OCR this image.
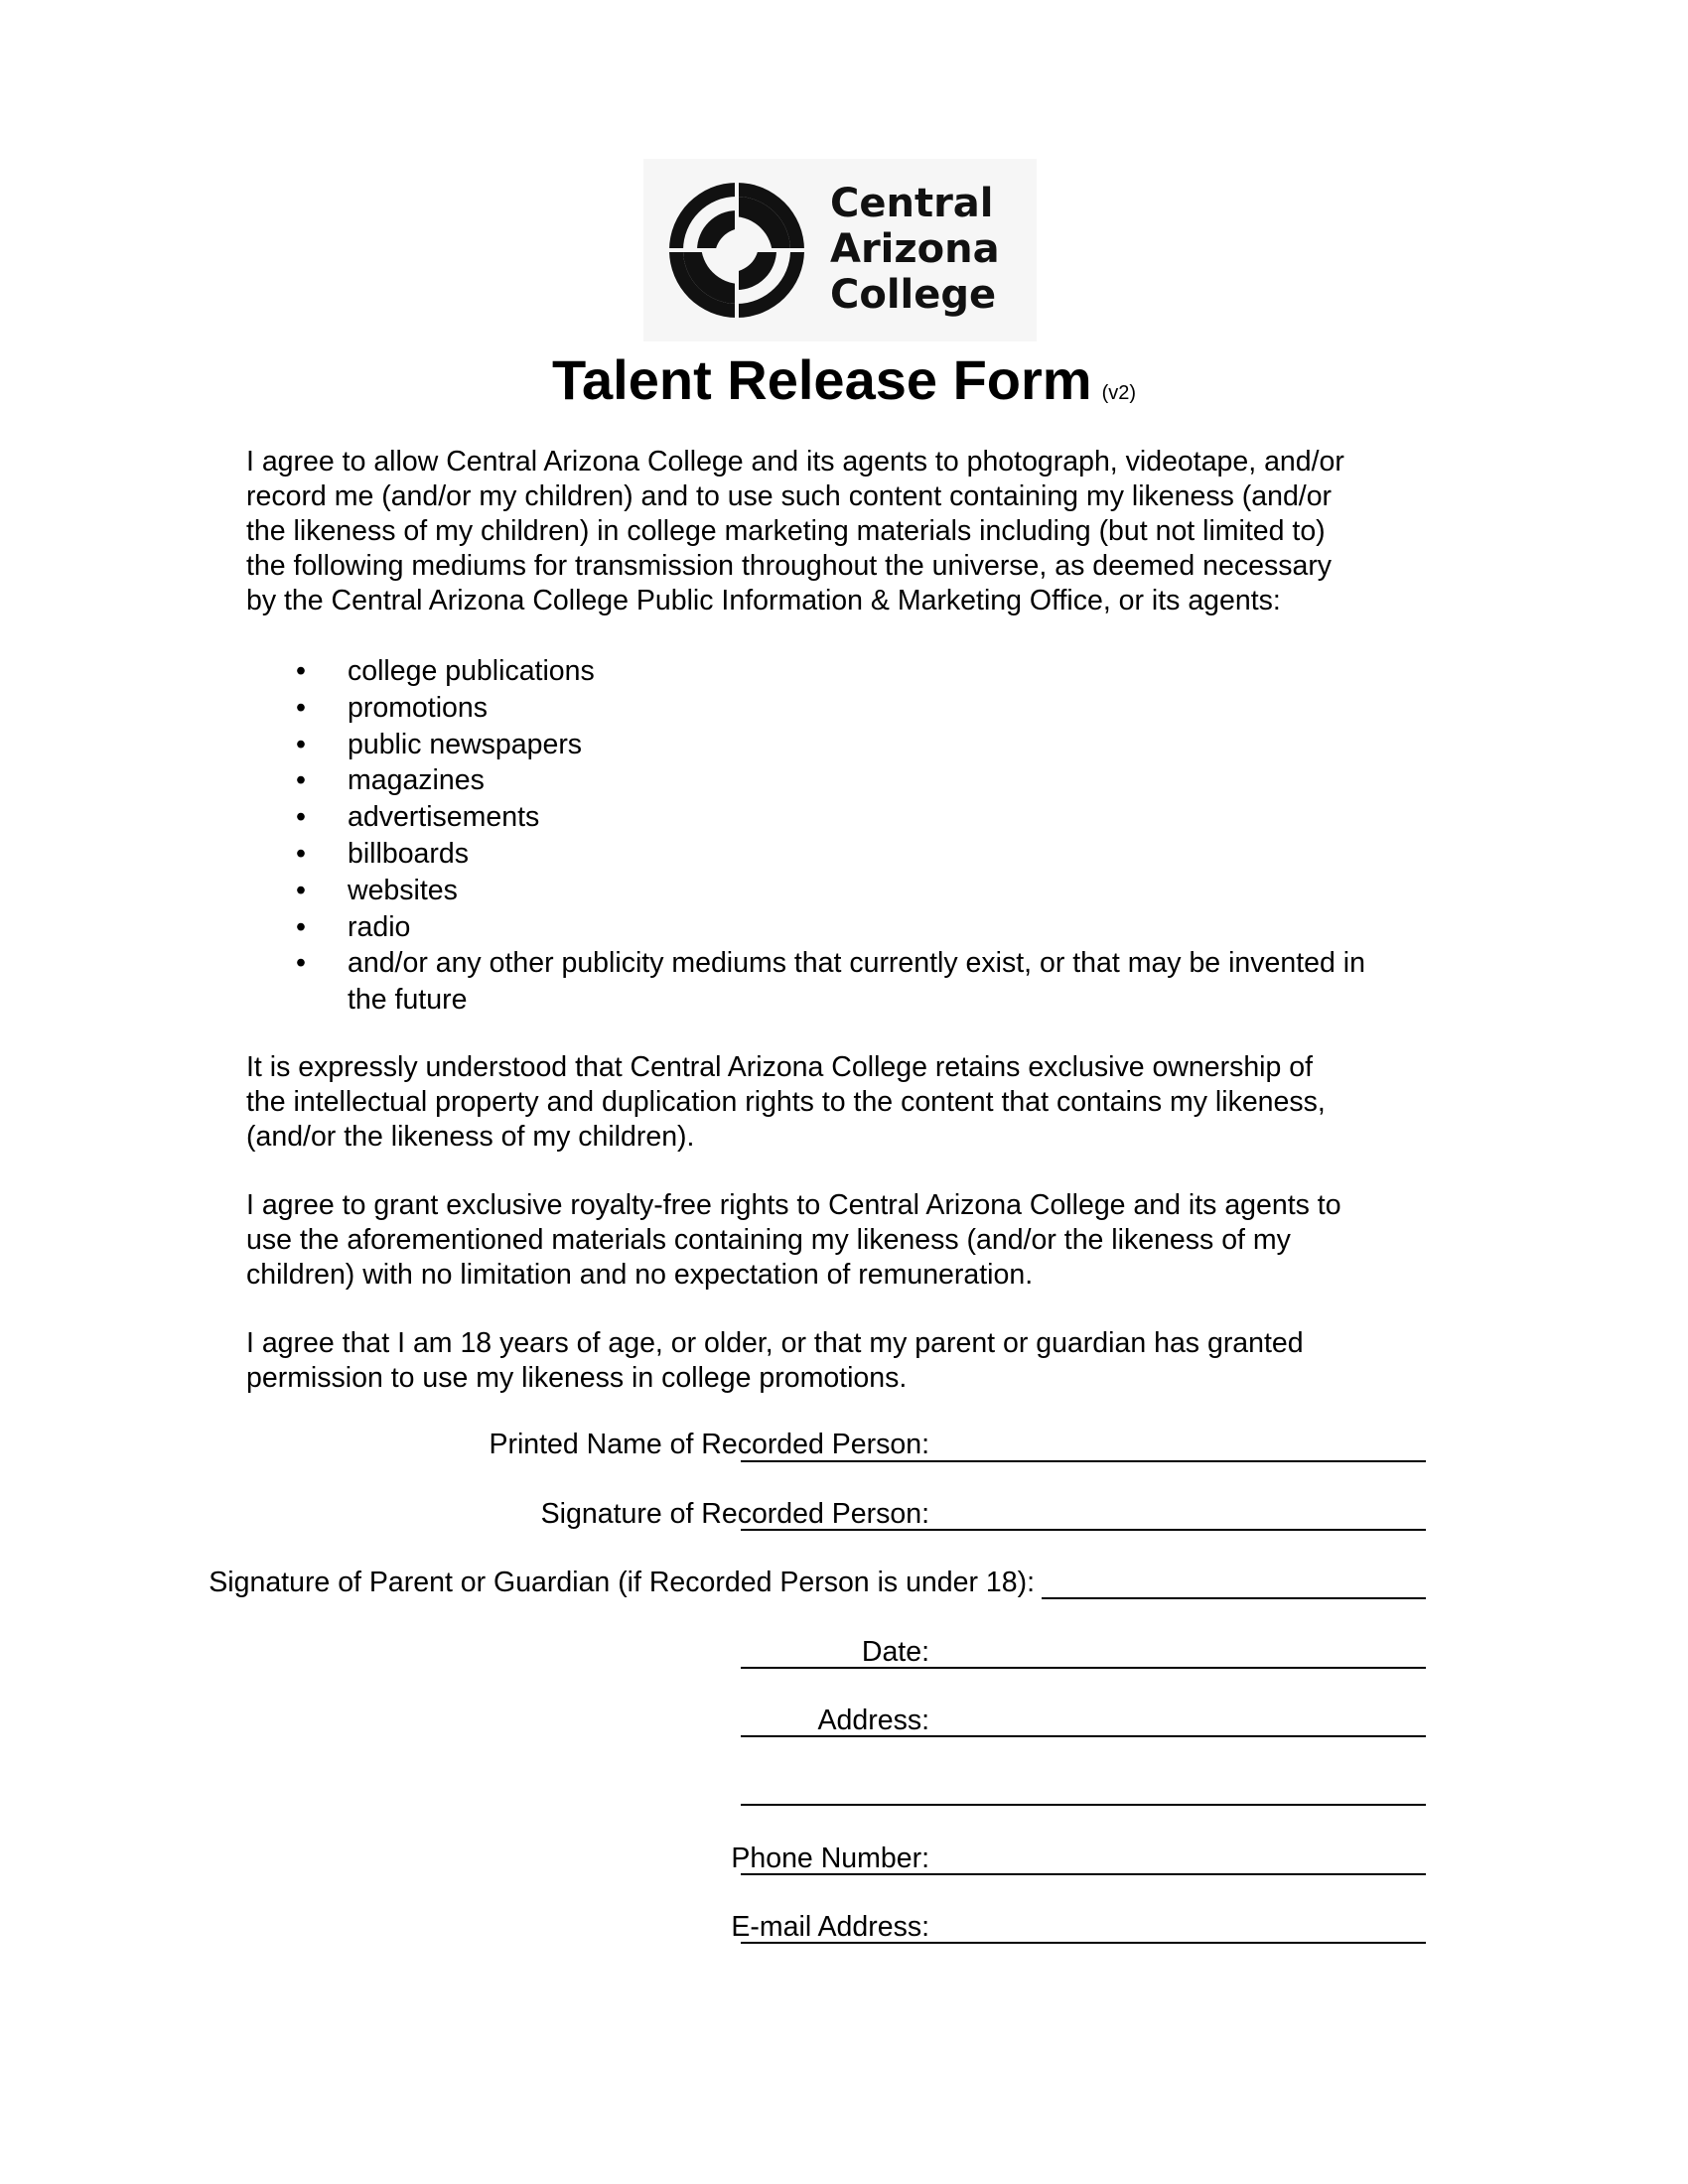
Central
Arizona
College
Talent Release Form (v2)
I agree to allow Central Arizona College and its agents to photograph, videotape, and/or
record me (and/or my children) and to use such content containing my likeness (and/or
the likeness of my children) in college marketing materials including (but not limited to)
the following mediums for transmission throughout the universe, as deemed necessary
by the Central Arizona College Public Information & Marketing Office, or its agents:
• college publications
• promotions
• public newspapers
• magazines
• advertisements
• billboards
• websites
• radio
• and/or any other publicity mediums that currently exist, or that may be invented in
the future
It is expressly understood that Central Arizona College retains exclusive ownership of
the intellectual property and duplication rights to the content that contains my likeness,
(and/or the likeness of my children).
I agree to grant exclusive royalty-free rights to Central Arizona College and its agents to
use the aforementioned materials containing my likeness (and/or the likeness of my
children) with no limitation and no expectation of remuneration.
I agree that I am 18 years of age, or older, or that my parent or guardian has granted
permission to use my likeness in college promotions.
Printed Name of Recorded Person:
Signature of Recorded Person:
Signature of Parent or Guardian (if Recorded Person is under 18):
Date:
Address:
Phone Number:
E-mail Address:
